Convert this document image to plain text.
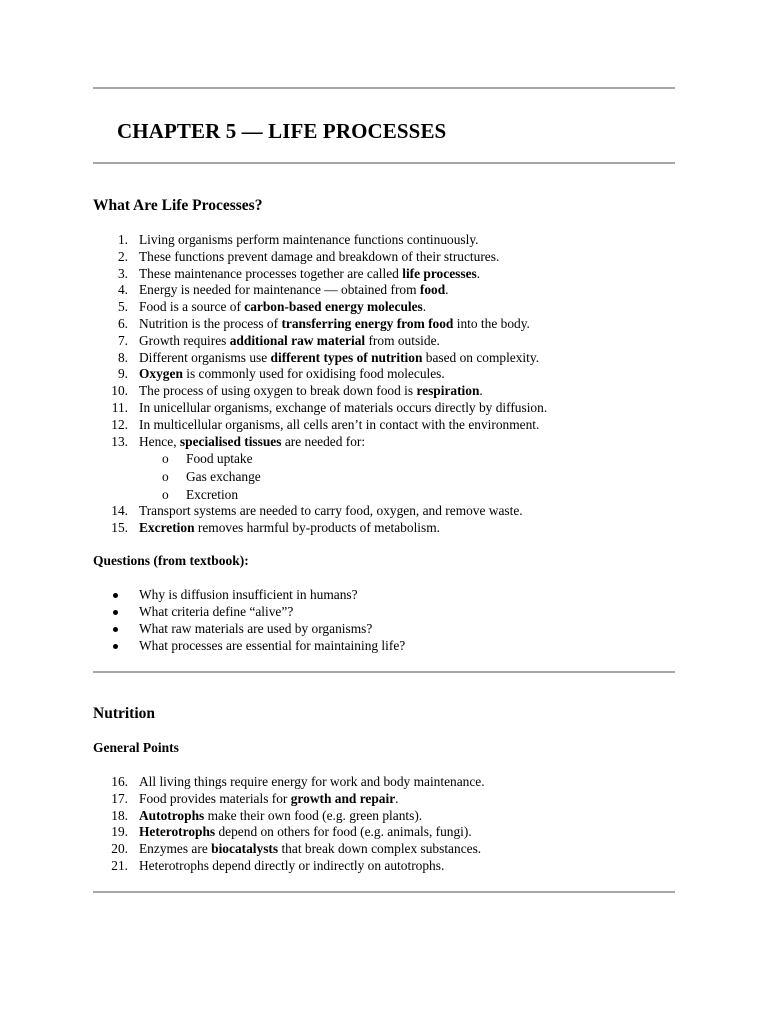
CHAPTER 5 — LIFE PROCESSES
What Are Life Processes?
1. Living organisms perform maintenance functions continuously.
2. These functions prevent damage and breakdown of their structures.
3. These maintenance processes together are called life processes.
4. Energy is needed for maintenance — obtained from food.
5. Food is a source of carbon-based energy molecules.
6. Nutrition is the process of transferring energy from food into the body.
7. Growth requires additional raw material from outside.
8. Different organisms use different types of nutrition based on complexity.
9. Oxygen is commonly used for oxidising food molecules.
10. The process of using oxygen to break down food is respiration.
11. In unicellular organisms, exchange of materials occurs directly by diffusion.
12. In multicellular organisms, all cells aren’t in contact with the environment.
13. Hence, specialised tissues are needed for:
o Food uptake
o Gas exchange
o Excretion
14. Transport systems are needed to carry food, oxygen, and remove waste.
15. Excretion removes harmful by-products of metabolism.
Questions (from textbook):
Why is diffusion insufficient in humans?
What criteria define “alive”?
What raw materials are used by organisms?
What processes are essential for maintaining life?
Nutrition
General Points
16. All living things require energy for work and body maintenance.
17. Food provides materials for growth and repair.
18. Autotrophs make their own food (e.g. green plants).
19. Heterotrophs depend on others for food (e.g. animals, fungi).
20. Enzymes are biocatalysts that break down complex substances.
21. Heterotrophs depend directly or indirectly on autotrophs.
